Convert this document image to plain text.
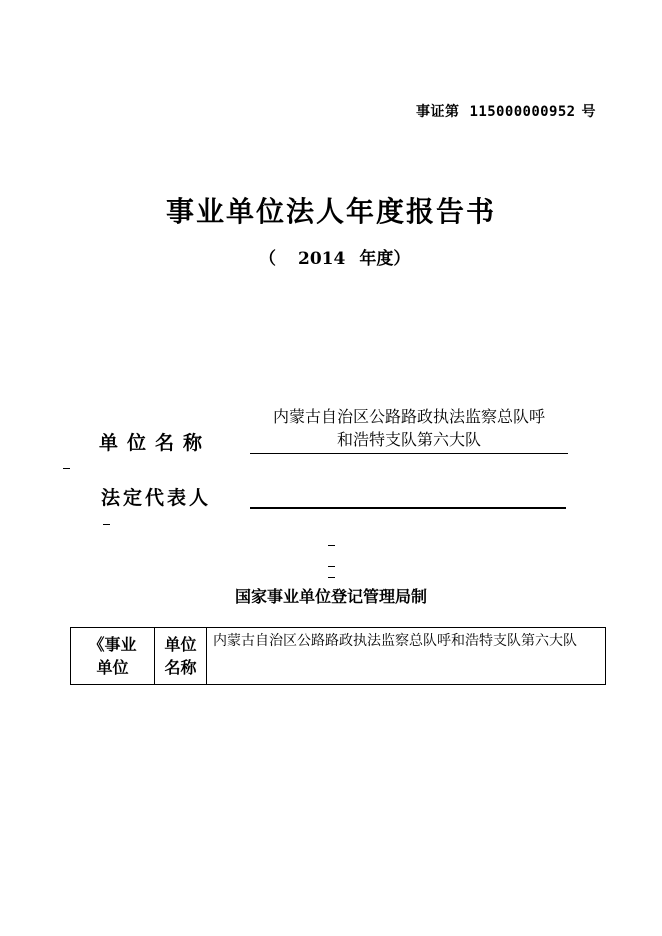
事证第 115000000952 号
事业单位法人年度报告书
（ 2014 年度）
单位名称
内蒙古自治区公路路政执法监察总队呼
和浩特支队第六大队
法定代表人
国家事业单位登记管理局制
《事业
单位

单位
名称
	内蒙古自治区公路路政执法监察总队呼和浩特支队第六大队
